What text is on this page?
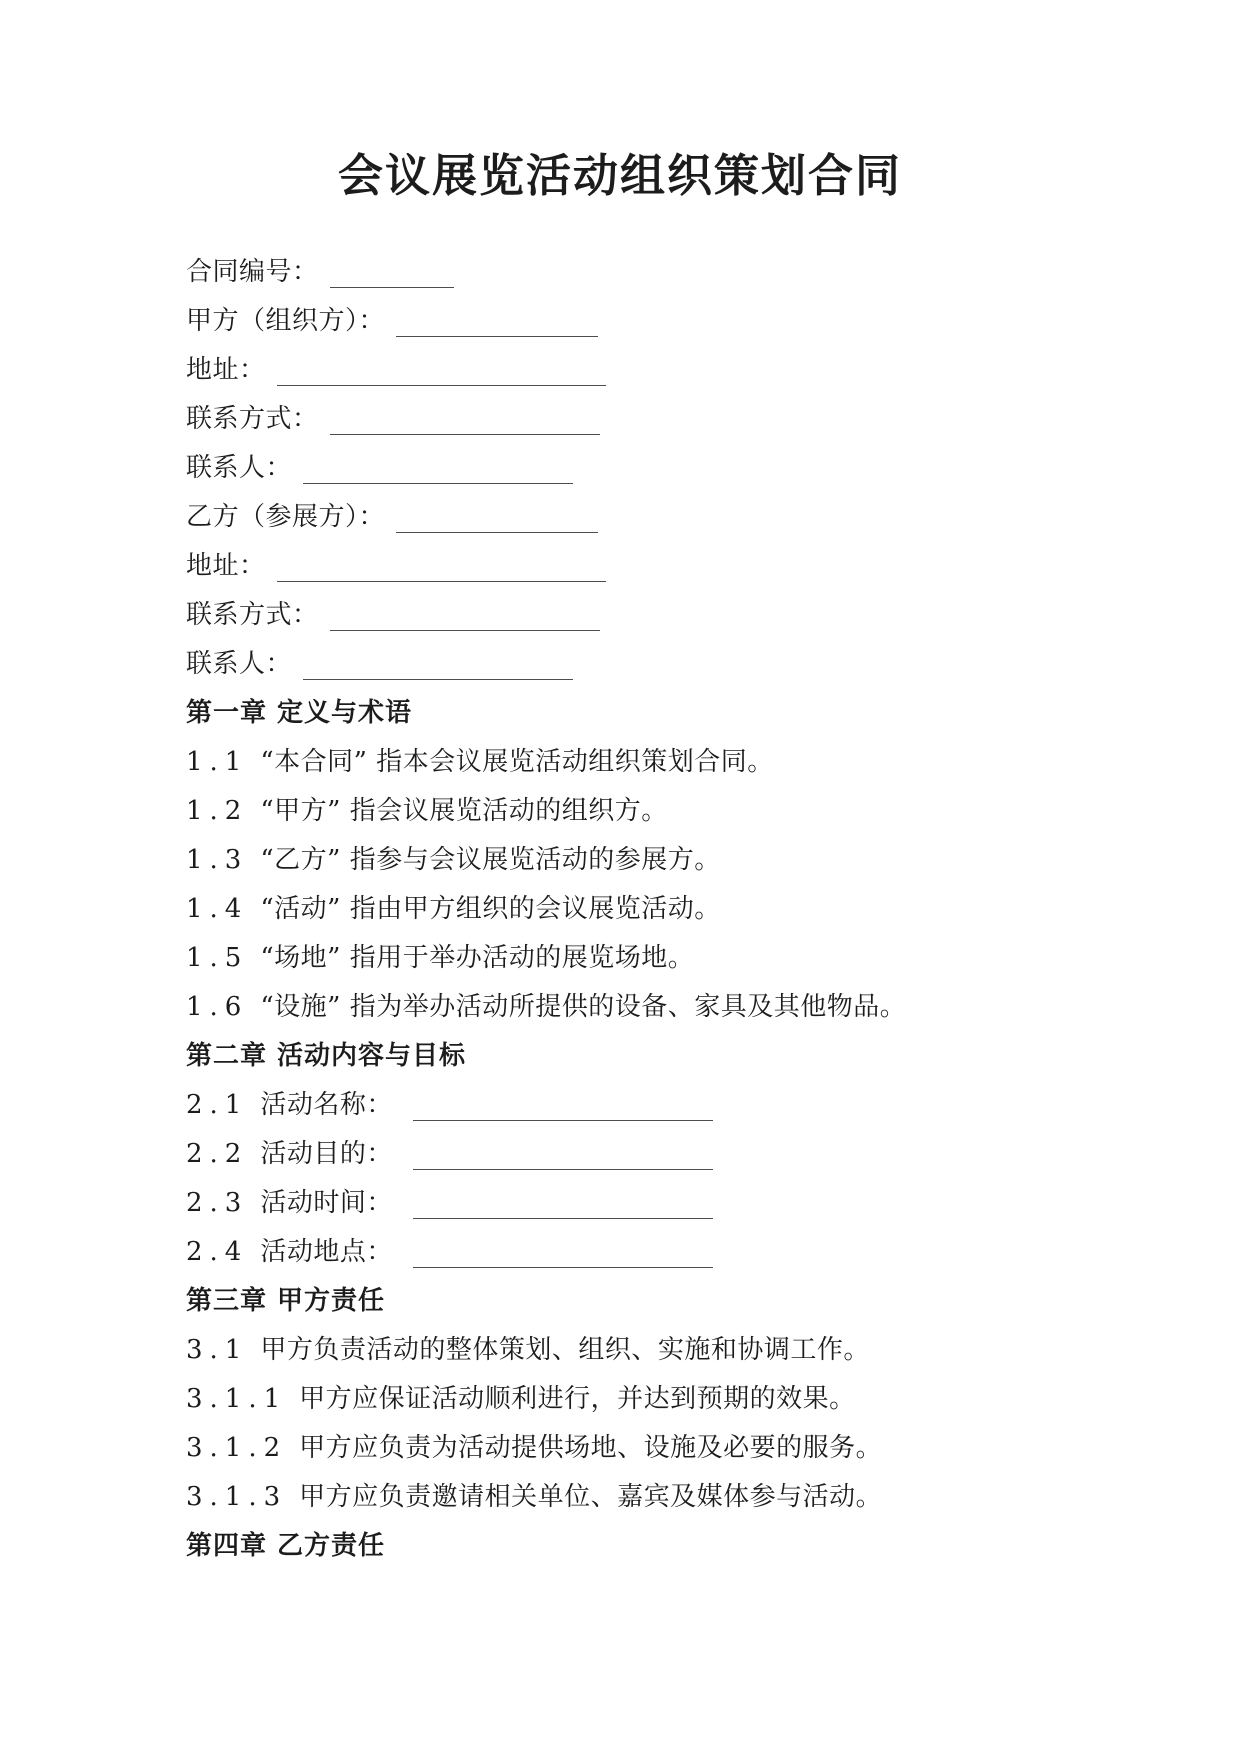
会议展览活动组织策划合同

合同编号：

甲方（组织方）：

地址：

联系方式：

联系人：

乙方（参展方）：

地址：

联系方式：

联系人：

第一章 定义与术语

1.1 “本合同” 指本会议展览活动组织策划合同。

1.2 “甲方” 指会议展览活动的组织方。

1.3 “乙方” 指参与会议展览活动的参展方。

1.4 “活动” 指由甲方组织的会议展览活动。

1.5 “场地” 指用于举办活动的展览场地。

1.6 “设施” 指为举办活动所提供的设备、家具及其他物品。

第二章 活动内容与目标

2.1 活动名称：

2.2 活动目的：

2.3 活动时间：

2.4 活动地点：

第三章 甲方责任

3.1 甲方负责活动的整体策划、组织、实施和协调工作。

3.1.1 甲方应保证活动顺利进行，并达到预期的效果。

3.1.2 甲方应负责为活动提供场地、设施及必要的服务。

3.1.3 甲方应负责邀请相关单位、嘉宾及媒体参与活动。

第四章 乙方责任
